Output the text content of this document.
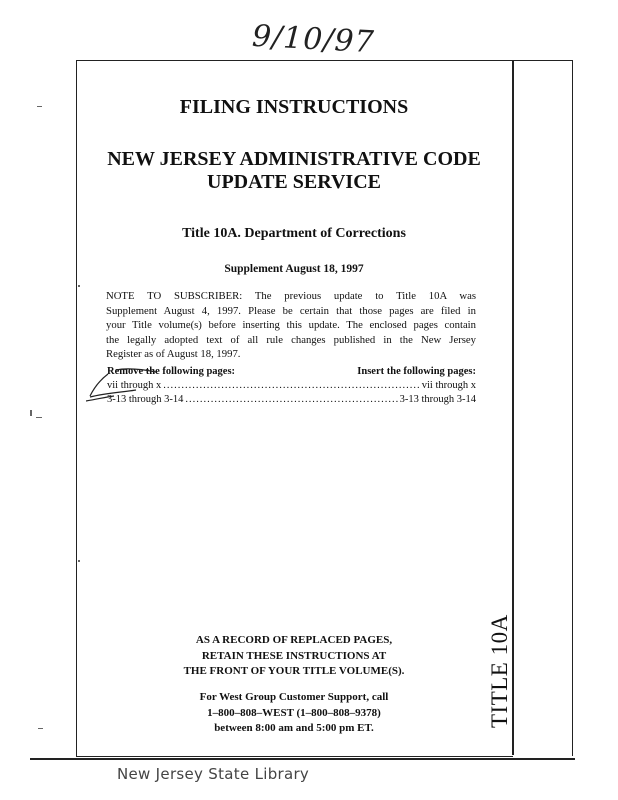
9/10/97
TITLE 10A
FILING INSTRUCTIONS
NEW JERSEY ADMINISTRATIVE CODE
UPDATE SERVICE
Title 10A. Department of Corrections
Supplement August 18, 1997
NOTE TO SUBSCRIBER: The previous update to Title 10A was
Supplement August 4, 1997. Please be certain that those pages are filed in
your Title volume(s) before inserting this update. The enclosed pages contain
the legally adopted text of all rule changes published in the New Jersey
Register as of August 18, 1997.
Remove the following pages:	Insert the following pages:
vii through x .....	vii through x
3-13 through 3-14 .....	3-13 through 3-14
AS A RECORD OF REPLACED PAGES,
RETAIN THESE INSTRUCTIONS AT
THE FRONT OF YOUR TITLE VOLUME(S).
For West Group Customer Support, call
1–800–808–WEST (1–800–808–9378)
between 8:00 am and 5:00 pm ET.
New Jersey State Library
